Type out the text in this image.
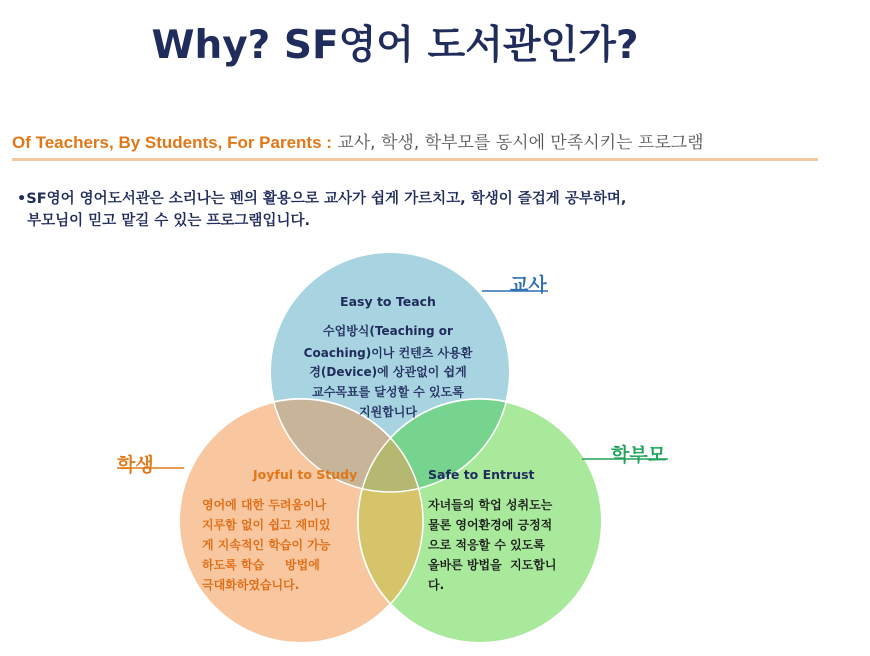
Why? SF영어 도서관인가?
Of Teachers, By Students, For Parents : 교사, 학생, 학부모를 동시에 만족시키는 프로그램
•SF영어 영어도서관은 소리나는 펜의 활용으로 교사가 쉽게 가르치고, 학생이 즐겁게 공부하며,
부모님이 믿고 맡길 수 있는 프로그램입니다.
Easy to Teach
수업방식(Teaching or
Coaching)이나 컨텐츠 사용환
경(Device)에 상관없이 쉽게
교수목표를 달성할 수 있도록
지원합니다
Joyful to Study
영어에 대한 두려움이나
지루함 없이 쉽고 재미있
게 지속적인 학습이 가능
하도록 학습     방법에
극대화하였습니다.
Safe to Entrust
자녀들의 학업 성취도는
물론 영어환경에 긍정적
으로 적응할 수 있도록
올바른 방법을  지도합니
다.
교사
학생	학부모
